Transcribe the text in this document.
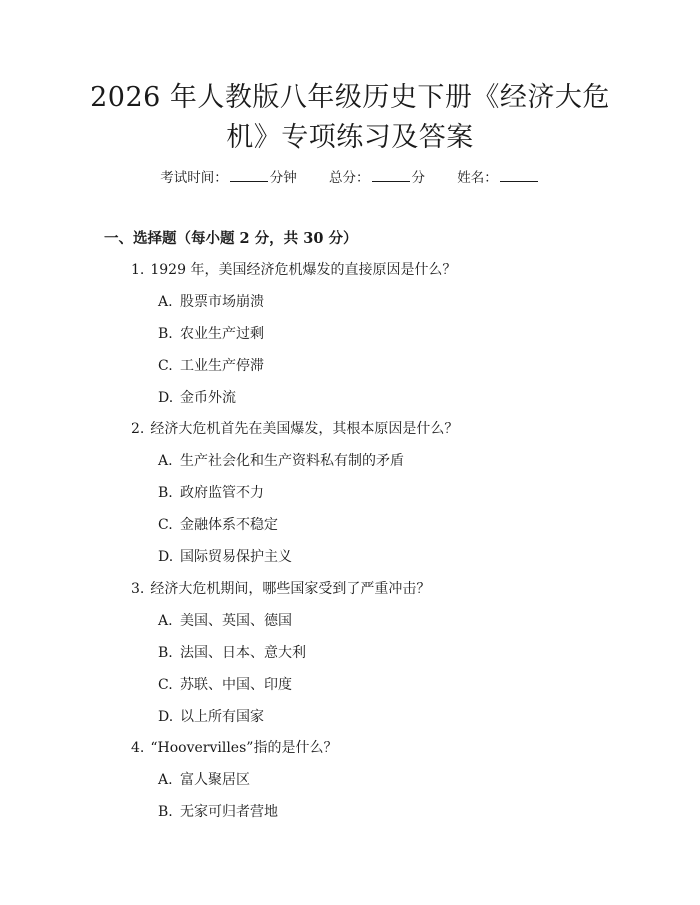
2026 年人教版八年级历史下册《经济大危
机》专项练习及答案
考试时间：	分钟 总分：	分 姓名：
一、选择题（每小题 2 分，共 30 分）
1. 1929 年，美国经济危机爆发的直接原因是什么？
A. 股票市场崩溃
B. 农业生产过剩
C. 工业生产停滞
D. 金币外流
2. 经济大危机首先在美国爆发，其根本原因是什么？
A. 生产社会化和生产资料私有制的矛盾
B. 政府监管不力
C. 金融体系不稳定
D. 国际贸易保护主义
3. 经济大危机期间，哪些国家受到了严重冲击？
A. 美国、英国、德国
B. 法国、日本、意大利
C. 苏联、中国、印度
D. 以上所有国家
4. “Hoovervilles”指的是什么？
A. 富人聚居区
B. 无家可归者营地
